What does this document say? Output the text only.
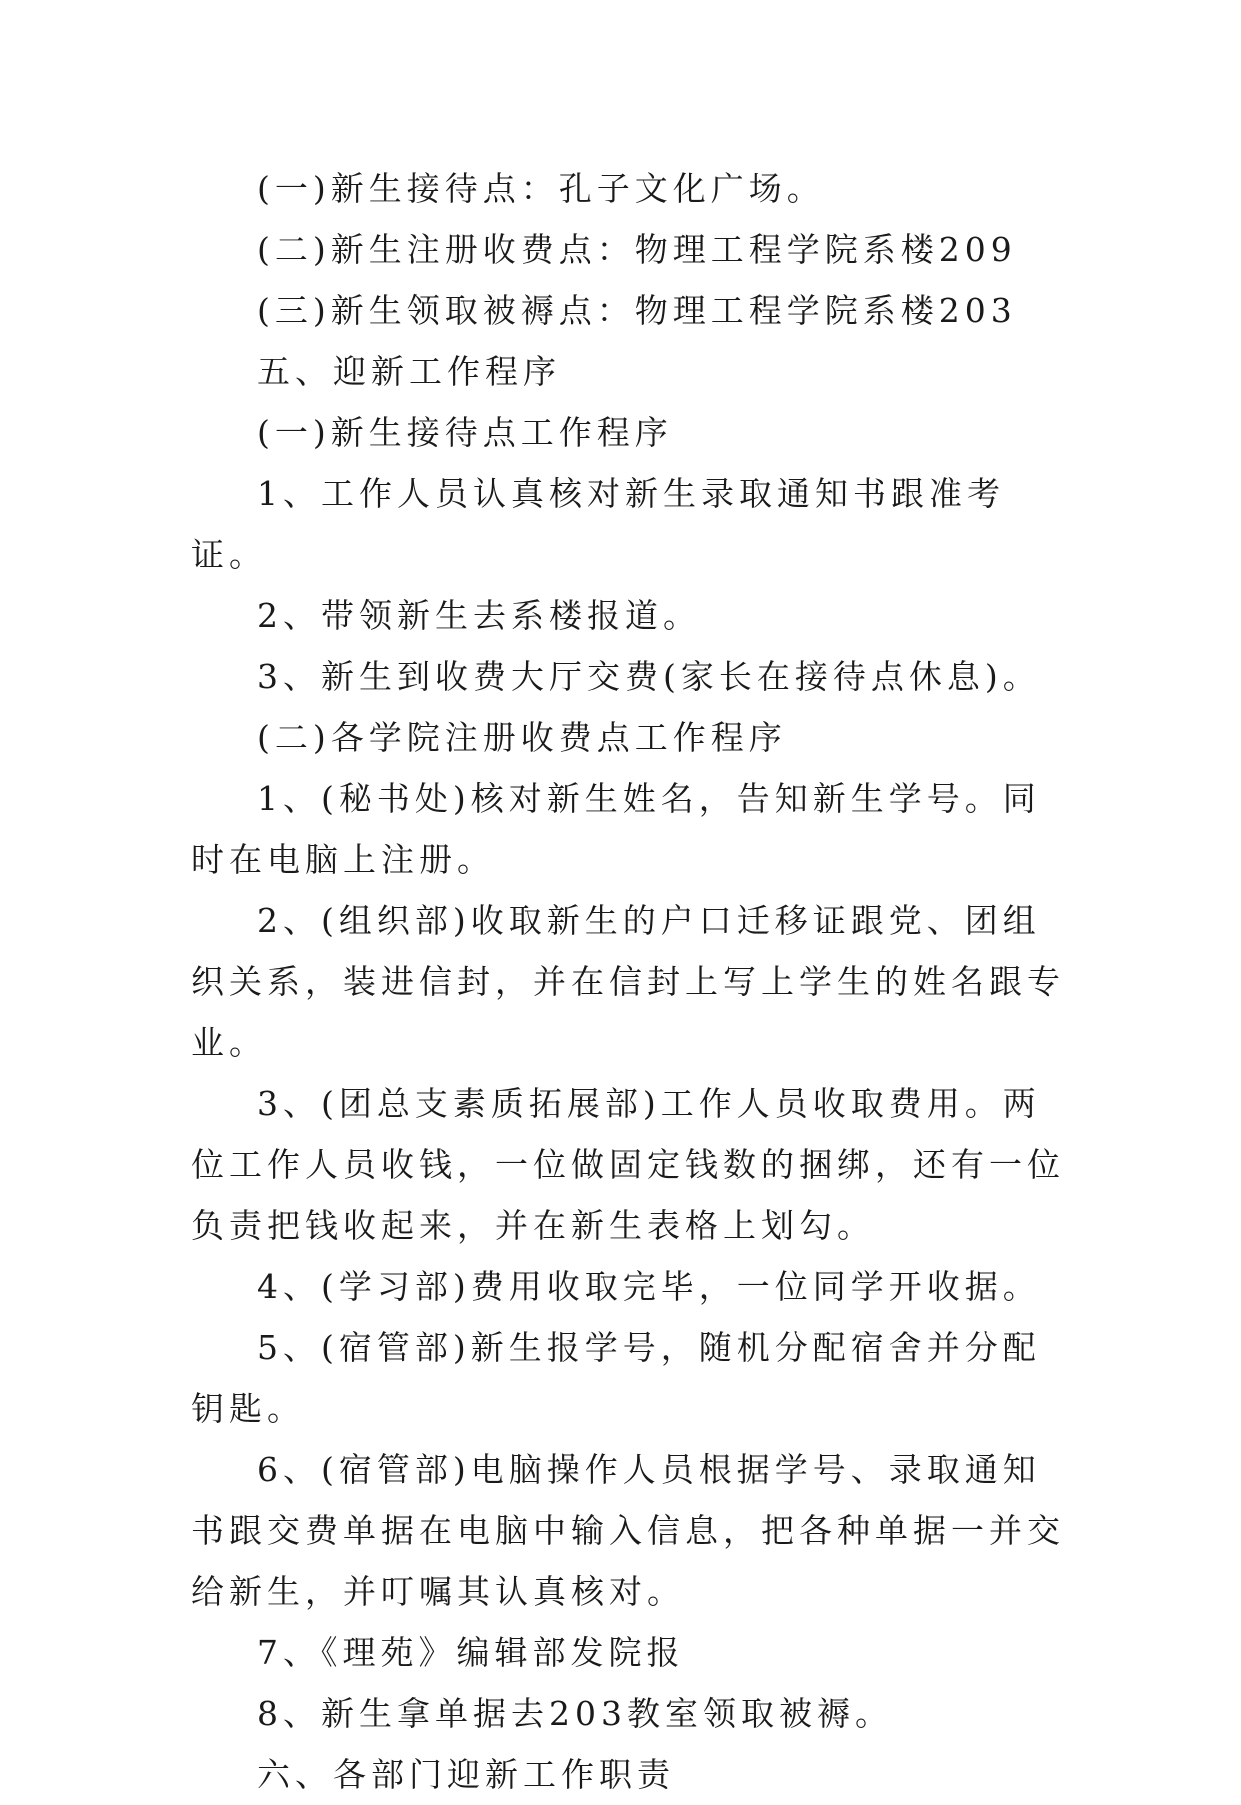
(一)新生接待点：孔子文化广场。

(二)新生注册收费点：物理工程学院系楼209

(三)新生领取被褥点：物理工程学院系楼203

五、迎新工作程序

(一)新生接待点工作程序

1、工作人员认真核对新生录取通知书跟准考证。

2、带领新生去系楼报道。

3、新生到收费大厅交费(家长在接待点休息)。

(二)各学院注册收费点工作程序

1、(秘书处)核对新生姓名，告知新生学号。同时在电脑上注册。

2、(组织部)收取新生的户口迁移证跟党、团组织关系，装进信封，并在信封上写上学生的姓名跟专业。

3、(团总支素质拓展部)工作人员收取费用。两位工作人员收钱，一位做固定钱数的捆绑，还有一位负责把钱收起来，并在新生表格上划勾。

4、(学习部)费用收取完毕，一位同学开收据。

5、(宿管部)新生报学号，随机分配宿舍并分配钥匙。

6、(宿管部)电脑操作人员根据学号、录取通知书跟交费单据在电脑中输入信息，把各种单据一并交给新生，并叮嘱其认真核对。

7、《理苑》编辑部发院报

8、新生拿单据去203教室领取被褥。

六、各部门迎新工作职责
